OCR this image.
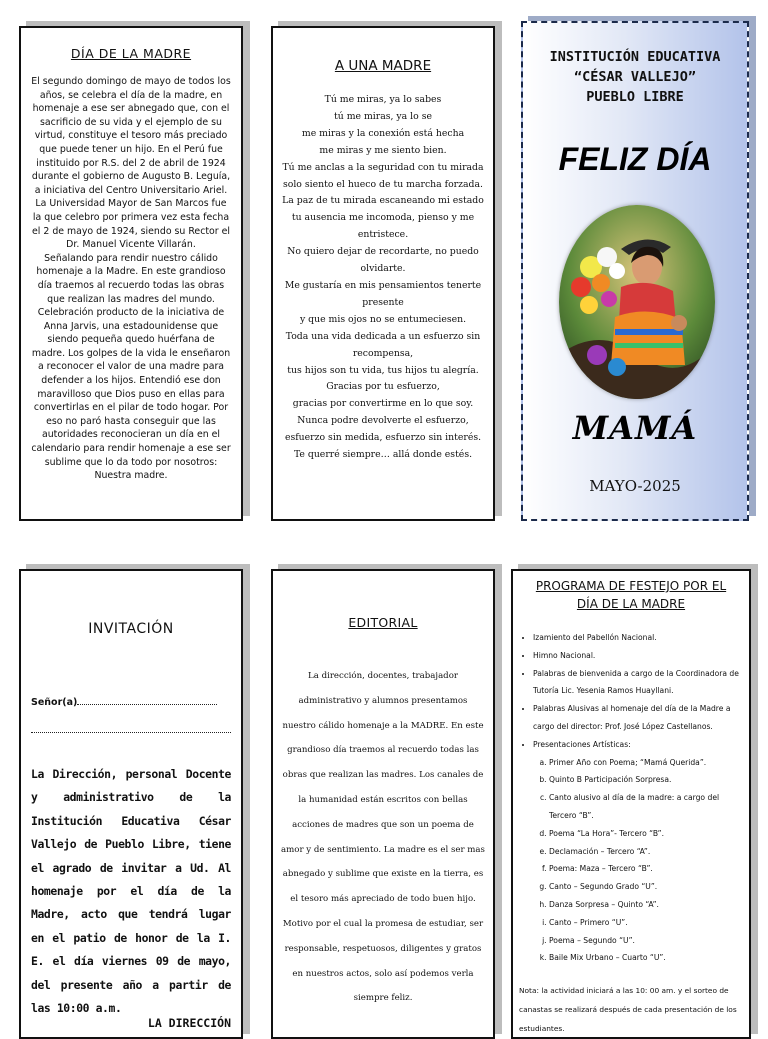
DÍA DE LA MADRE

El segundo domingo de mayo de todos los años, se celebra el día de la madre, en homenaje a ese ser abnegado que, con el sacrificio de su vida y el ejemplo de su virtud, constituye el tesoro más preciado que puede tener un hijo. En el Perú fue instituido por R.S. del 2 de abril de 1924 durante el gobierno de Augusto B. Leguía, a iniciativa del Centro Universitario Ariel. La Universidad Mayor de San Marcos fue la que celebro por primera vez esta fecha el 2 de mayo de 1924, siendo su Rector el Dr. Manuel Vicente Villarán.

Señalando para rendir nuestro cálido homenaje a la Madre. En este grandioso día traemos al recuerdo todas las obras que realizan las madres del mundo. Celebración producto de la iniciativa de Anna Jarvis, una estadounidense que siendo pequeña quedo huérfana de madre. Los golpes de la vida le enseñaron a reconocer el valor de una madre para defender a los hijos. Entendió ese don maravilloso que Dios puso en ellas para convertirlas en el pilar de todo hogar. Por eso no paró hasta conseguir que las autoridades reconocieran un día en el calendario para rendir homenaje a ese ser sublime que lo da todo por nosotros: Nuestra madre.

A UNA MADRE
Tú me miras, ya lo sabes
tú me miras, ya lo se
me miras y la conexión está hecha
me miras y me siento bien.
Tú me anclas a la seguridad con tu mirada
solo siento el hueco de tu marcha forzada.
La paz de tu mirada escaneando mi estado
tu ausencia me incomoda, pienso y me entristece.
No quiero dejar de recordarte, no puedo olvidarte.
Me gustaría en mis pensamientos tenerte presente
y que mis ojos no se entumeciesen.
Toda una vida dedicada a un esfuerzo sin recompensa,
tus hijos son tu vida, tus hijos tu alegría.
Gracias por tu esfuerzo,
gracias por convertirme en lo que soy.
Nunca podre devolverte el esfuerzo,
esfuerzo sin medida, esfuerzo sin interés.
Te querré siempre… allá donde estés.
INSTITUCIÓN EDUCATIVA
“CÉSAR VALLEJO”
PUEBLO LIBRE
FELIZ DÍA
MAMÁ
MAYO-2025
INVITACIÓN
Señor(a)
La Dirección, personal Docente y administrativo de la Institución Educativa César Vallejo de Pueblo Libre, tiene el agrado de invitar a Ud. Al homenaje por el día de la Madre, acto que tendrá lugar en el patio de honor de la I. E. el día viernes 09 de mayo, del presente año a partir de las 10:00 a.m.
LA DIRECCIÓN
EDITORIAL
La dirección, docentes, trabajador administrativo y alumnos presentamos nuestro cálido homenaje a la MADRE. En este grandioso día traemos al recuerdo todas las obras que realizan las madres. Los canales de la humanidad están escritos con bellas acciones de madres que son un poema de amor y de sentimiento. La madre es el ser mas abnegado y sublime que existe en la tierra, es el tesoro más apreciado de todo buen hijo. Motivo por el cual la promesa de estudiar, ser responsable, respetuosos, diligentes y gratos en nuestros actos, solo así podemos verla siempre feliz.
PROGRAMA DE FESTEJO POR EL
DÍA DE LA MADRE
• Izamiento del Pabellón Nacional.
• Himno Nacional.
• Palabras de bienvenida a cargo de la Coordinadora de Tutoría Lic. Yesenia Ramos Huayllani.
• Palabras Alusivas al homenaje del día de la Madre a cargo del director: Prof. José López Castellanos.
• Presentaciones Artísticas:
a. Primer Año con Poema; “Mamá Querida”.
b. Quinto B Participación Sorpresa.
c. Canto alusivo al día de la madre: a cargo del Tercero “B”.
d. Poema “La Hora”- Tercero “B”.
e. Declamación – Tercero “A”.
f. Poema: Maza – Tercero “B”.
g. Canto – Segundo Grado “U”.
h. Danza Sorpresa – Quinto “A”.
i. Canto – Primero “U”.
j. Poema – Segundo “U”.
k. Baile Mix Urbano – Cuarto “U”.
Nota: la actividad iniciará a las 10: 00 am. y el sorteo de canastas se realizará después de cada presentación de los estudiantes.
